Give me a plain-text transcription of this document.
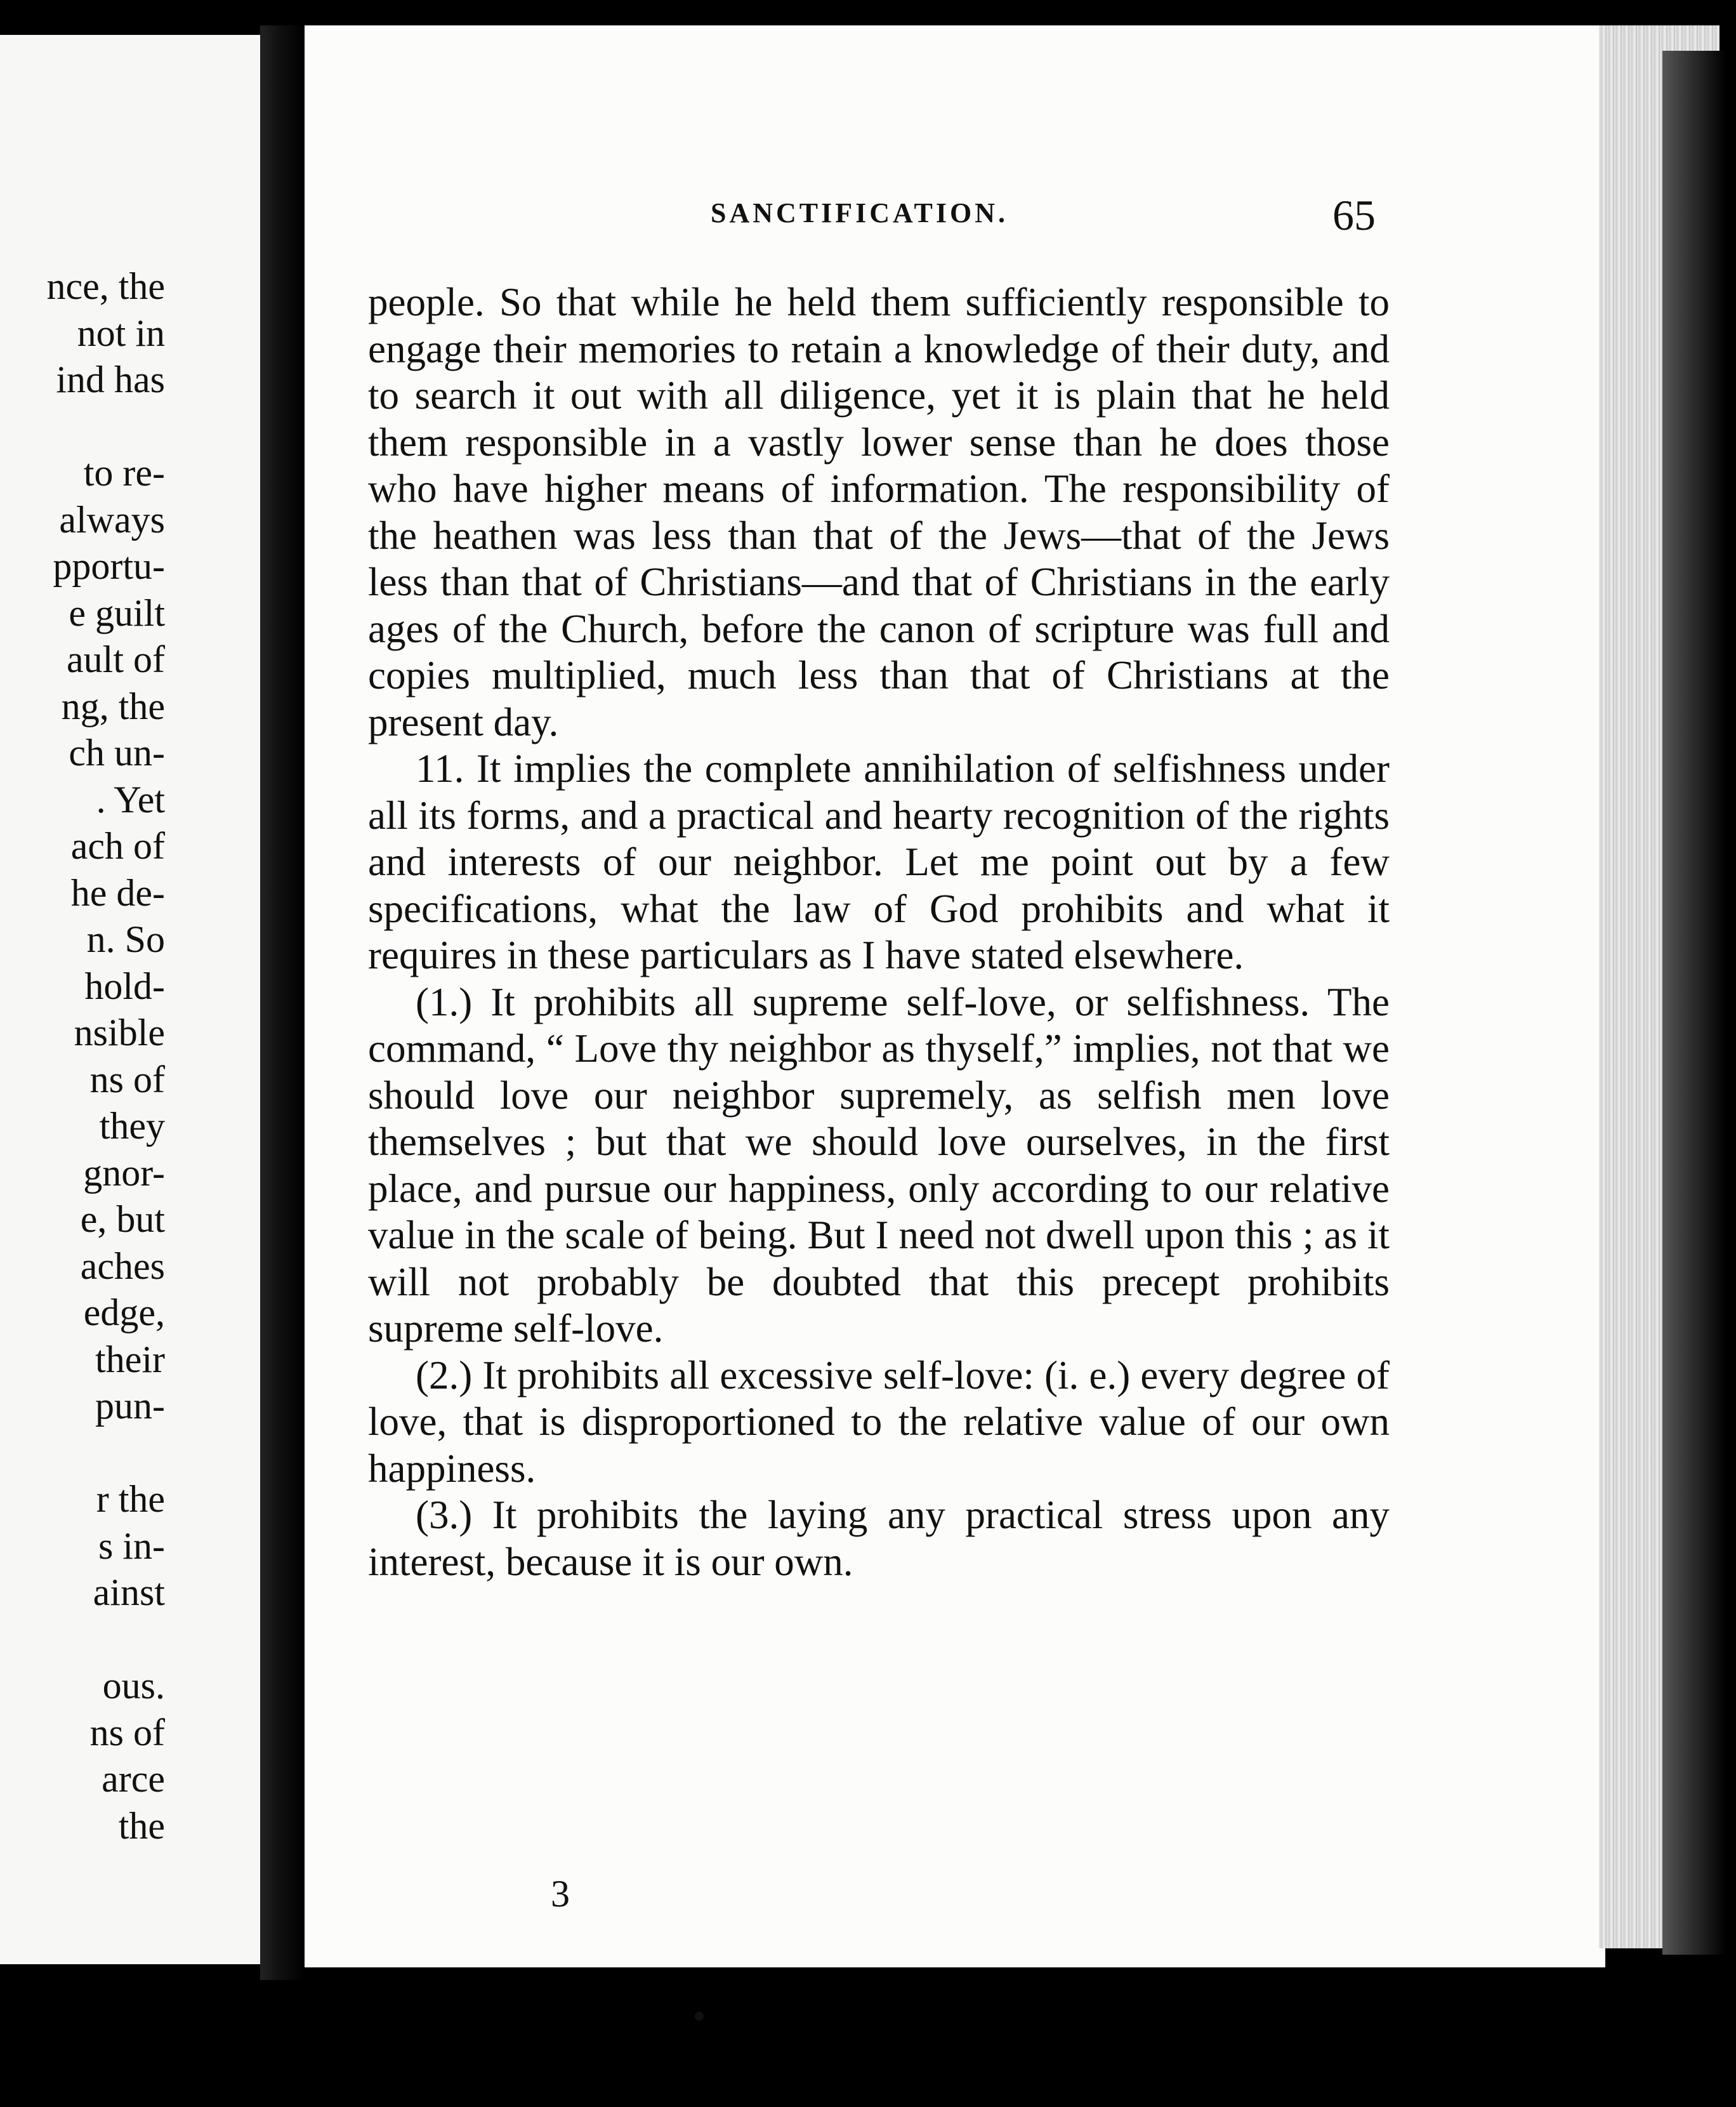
nce, the
not in
ind has

to re-
always
pportu-
e guilt
ault of
ng, the
ch un-
. Yet
ach of
he de-
n. So
hold-
nsible
ns of
they
gnor-
e, but
aches
edge,
their
pun-

r the
s in-
ainst

ous.
ns of
arce
the
SANCTIFICATION.	65

people. So that while he held them sufficiently responsible to engage their memories to retain a knowledge of their duty, and to search it out with all diligence, yet it is plain that he held them responsible in a vastly lower sense than he does those who have higher means of information. The responsibility of the heathen was less than that of the Jews—that of the Jews less than that of Christians—and that of Christians in the early ages of the Church, before the canon of scripture was full and copies multiplied, much less than that of Christians at the present day.

11. It implies the complete annihilation of selfishness under all its forms, and a practical and hearty recognition of the rights and interests of our neighbor. Let me point out by a few specifications, what the law of God prohibits and what it requires in these particulars as I have stated elsewhere.

(1.) It prohibits all supreme self-love, or selfishness. The command, “ Love thy neighbor as thyself,” implies, not that we should love our neighbor supremely, as selfish men love themselves ; but that we should love ourselves, in the first place, and pursue our happiness, only according to our relative value in the scale of being. But I need not dwell upon this ; as it will not probably be doubted that this precept prohibits supreme self-love.

(2.) It prohibits all excessive self-love: (i. e.) every degree of love, that is disproportioned to the relative value of our own happiness.

(3.) It prohibits the laying any practical stress upon any interest, because it is our own.

3
